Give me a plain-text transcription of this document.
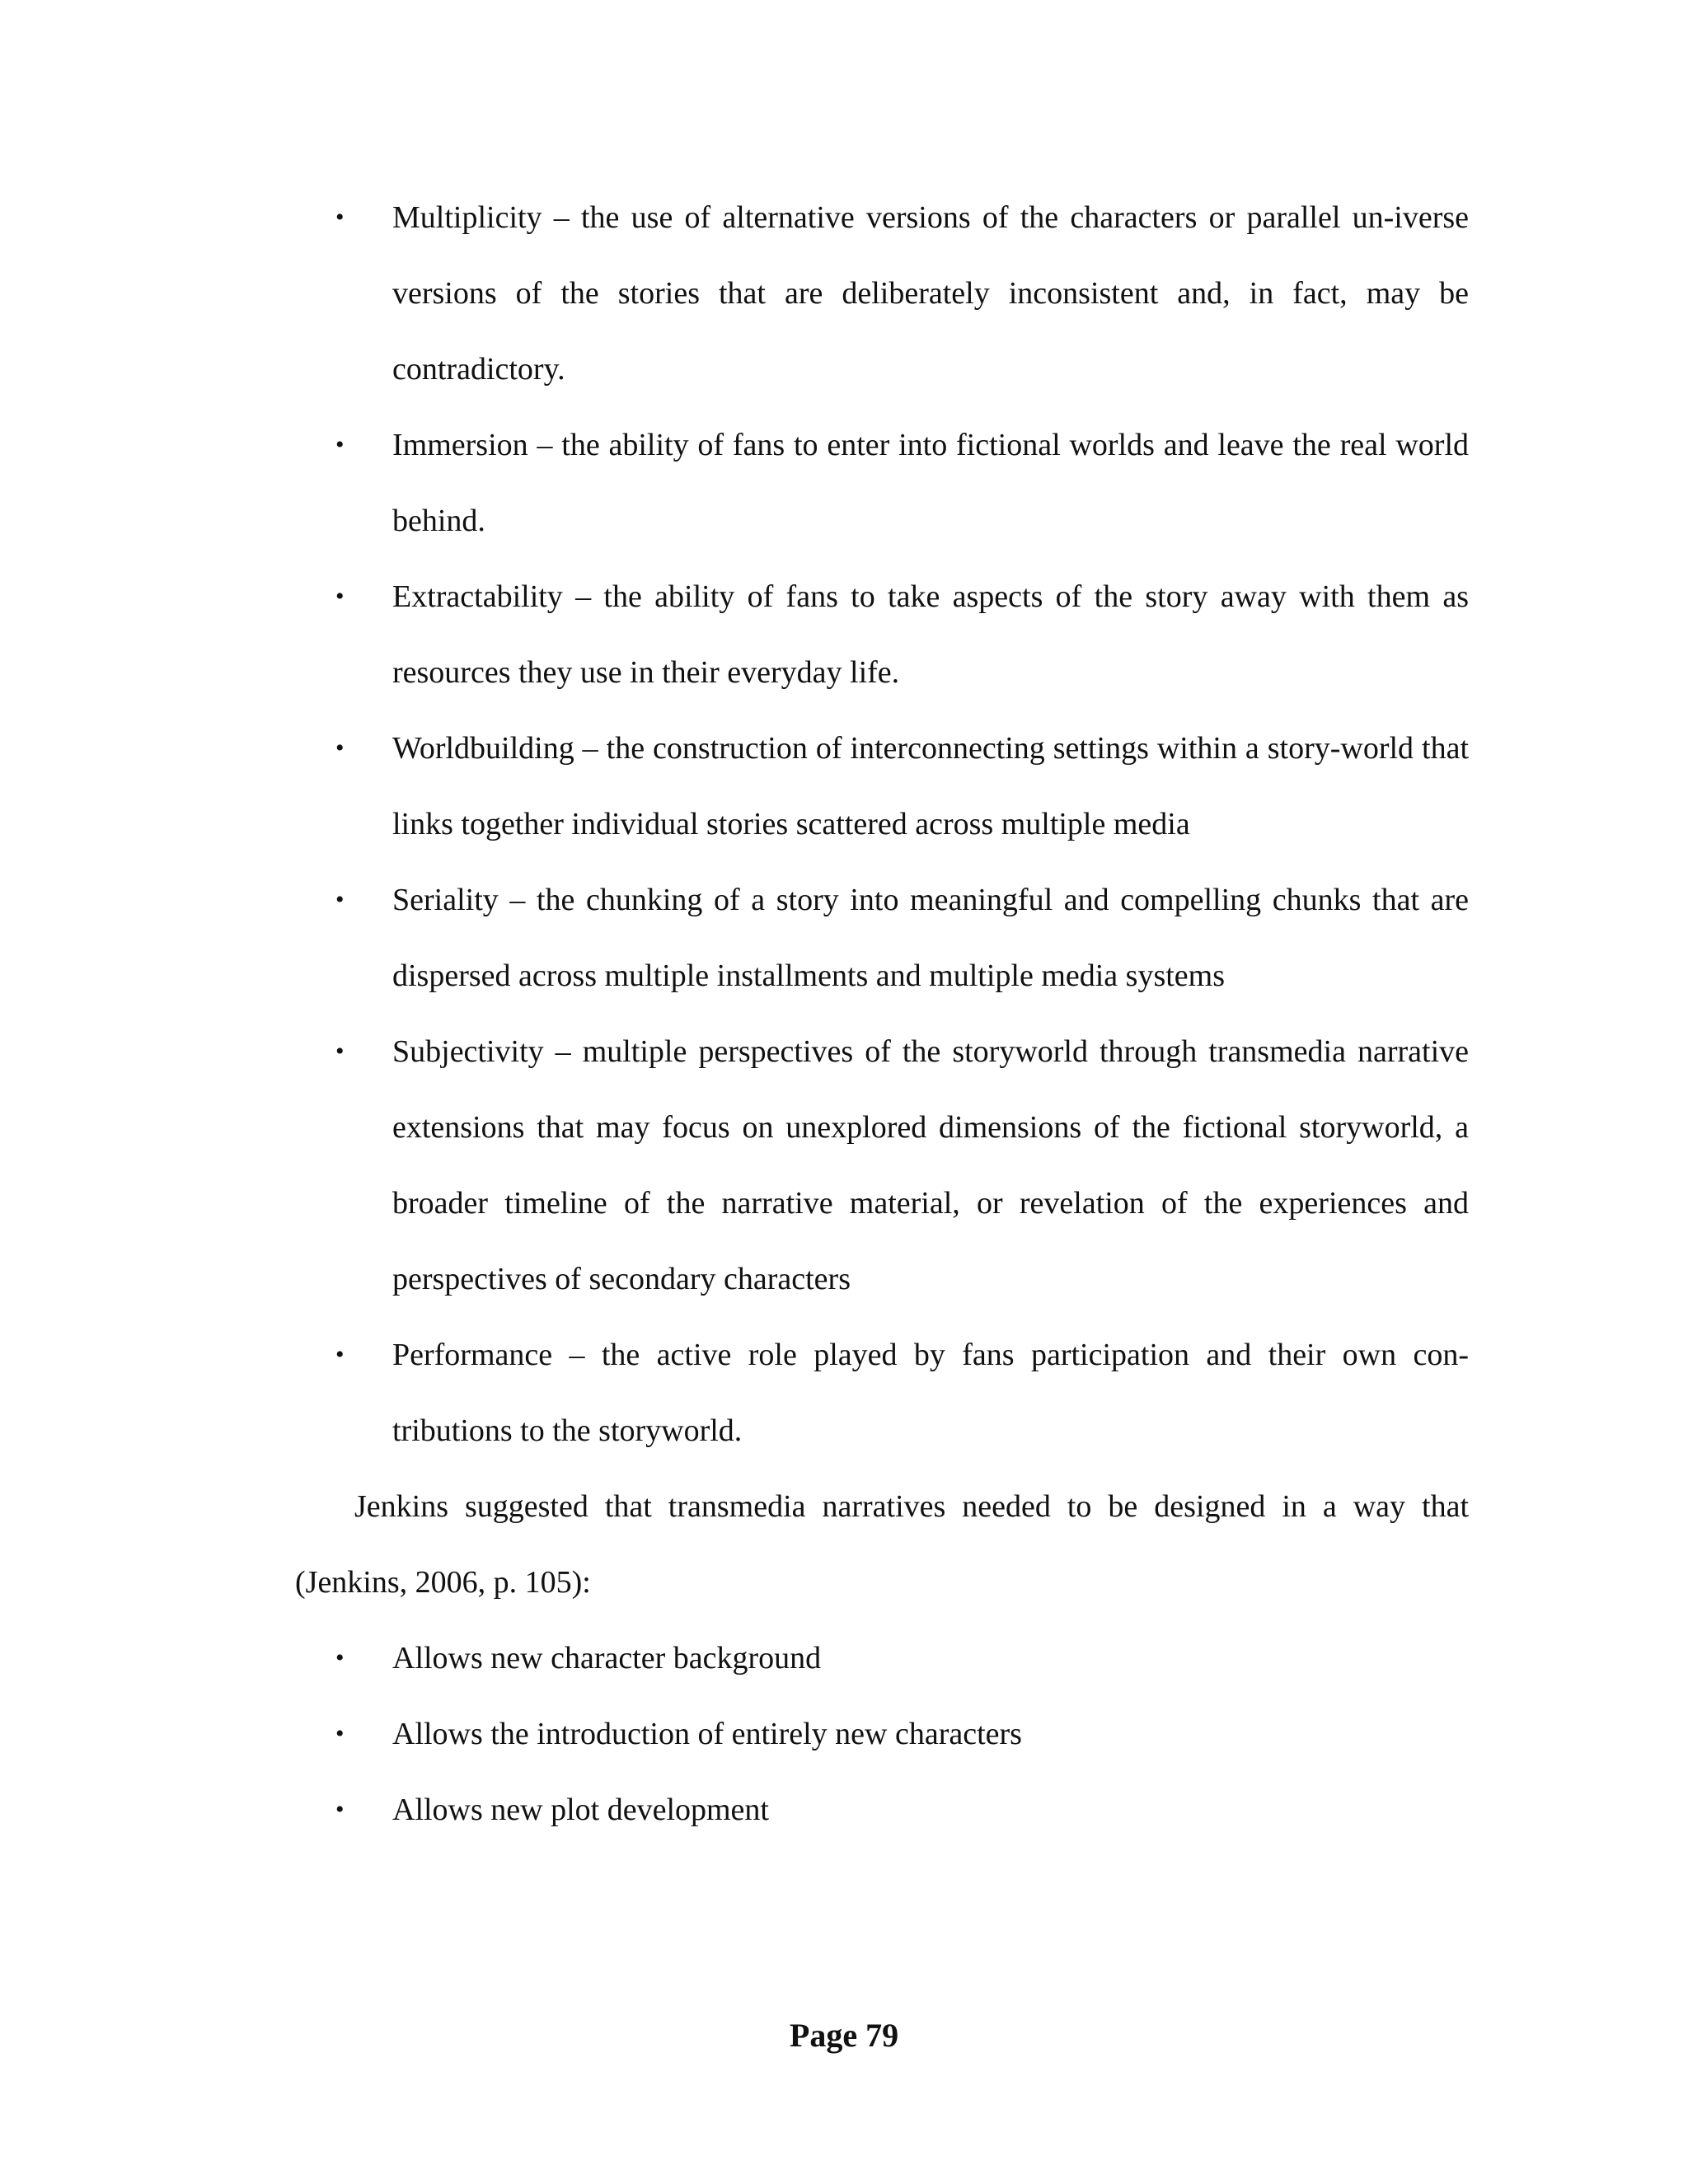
• Multiplicity – the use of alternative versions of the characters or parallel un-iverse versions of the stories that are deliberately inconsistent and, in fact, may be contradictory.
• Immersion – the ability of fans to enter into fictional worlds and leave the real world behind.
• Extractability – the ability of fans to take aspects of the story away with them as resources they use in their everyday life.
• Worldbuilding – the construction of interconnecting settings within a story-world that links together individual stories scattered across multiple media
• Seriality – the chunking of a story into meaningful and compelling chunks that are dispersed across multiple installments and multiple media systems
• Subjectivity – multiple perspectives of the storyworld through transmedia narrative extensions that may focus on unexplored dimensions of the fictional storyworld, a broader timeline of the narrative material, or revelation of the experiences and perspectives of secondary characters
• Performance – the active role played by fans participation and their own con-tributions to the storyworld.

Jenkins suggested that transmedia narratives needed to be designed in a way that (Jenkins, 2006, p. 105):

• Allows new character background
• Allows the introduction of entirely new characters
• Allows new plot development
Page 79
